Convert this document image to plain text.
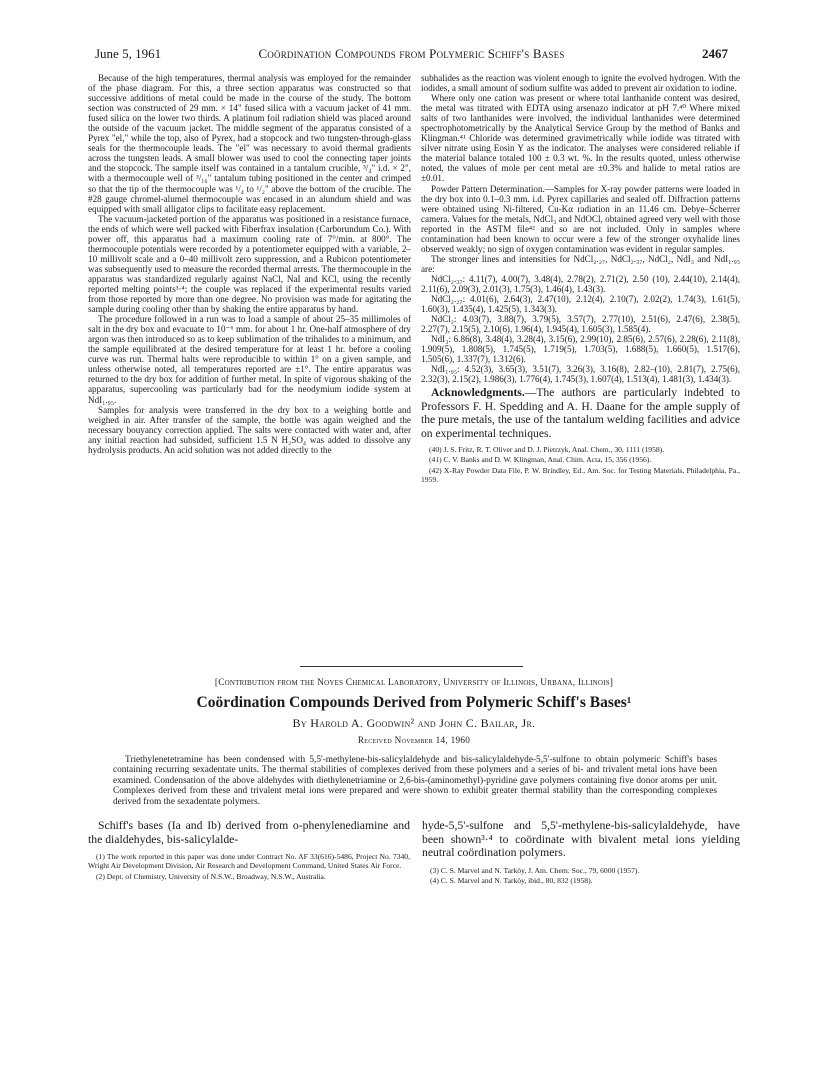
June 5, 1961	Coördination Compounds from Polymeric Schiff's Bases	2467

Because of the high temperatures, thermal analysis was employed for the remainder of the phase diagram. For this, a three section apparatus was constructed so that successive additions of metal could be made in the course of the study. The bottom section was constructed of 29 mm. × 14" fused silica with a vacuum jacket of 41 mm. fused silica on the lower two thirds. A platinum foil radiation shield was placed around the outside of the vacuum jacket. The middle segment of the apparatus consisted of a Pyrex "el," while the top, also of Pyrex, had a stopcock and two tungsten-through-glass seals for the thermocouple leads. The "el" was necessary to avoid thermal gradients across the tungsten leads. A small blower was used to cool the connecting taper joints and the stopcock. The sample itself was contained in a tantalum crucible, ³/₄" i.d. × 2", with a thermocouple well of ³/₁₆" tantalum tubing positioned in the center and crimped so that the tip of the thermocouple was ¹/₄ to ¹/₂" above the bottom of the crucible. The #28 gauge chromel-alumel thermocouple was encased in an alundum shield and was equipped with small alligator clips to facilitate easy replacement.

The vacuum-jacketed portion of the apparatus was positioned in a resistance furnace, the ends of which were well packed with Fiberfrax insulation (Carborundum Co.). With power off, this apparatus had a maximum cooling rate of 7°/min. at 800°. The thermocouple potentials were recorded by a potentiometer equipped with a variable, 2–10 millivolt scale and a 0–40 millivolt zero suppression, and a Rubicon potentiometer was subsequently used to measure the recorded thermal arrests. The thermocouple in the apparatus was standardized regularly against NaCl, NaI and KCl, using the recently reported melting points³·⁴; the couple was replaced if the experimental results varied from those reported by more than one degree. No provision was made for agitating the sample during cooling other than by shaking the entire apparatus by hand.

The procedure followed in a run was to load a sample of about 25–35 millimoles of salt in the dry box and evacuate to 10⁻⁶ mm. for about 1 hr. One-half atmosphere of dry argon was then introduced so as to keep sublimation of the trihalides to a minimum, and the sample equilibrated at the desired temperature for at least 1 hr. before a cooling curve was run. Thermal halts were reproducible to within 1° on a given sample, and unless otherwise noted, all temperatures reported are ±1°. The entire apparatus was returned to the dry box for addition of further metal. In spite of vigorous shaking of the apparatus, supercooling was particularly bad for the neodymium iodide system at NdI₁.₉₅.

Samples for analysis were transferred in the dry box to a weighing bottle and weighed in air. After transfer of the sample, the bottle was again weighed and the necessary bouyancy correction applied. The salts were contacted with water and, after any initial reaction had subsided, sufficient 1.5 N H₂SO₄ was added to dissolve any hydrolysis products. An acid solution was not added directly to the

subhalides as the reaction was violent enough to ignite the evolved hydrogen. With the iodides, a small amount of sodium sulfite was added to prevent air oxidation to iodine.

Where only one cation was present or where total lanthanide content was desired, the metal was titrated with EDTA using arsenazo indicator at pH 7.⁴⁰ Where mixed salts of two lanthanides were involved, the individual lanthanides were determined spectrophotometrically by the Analytical Service Group by the method of Banks and Klingman.⁴¹ Chloride was determined gravimetrically while iodide was titrated with silver nitrate using Eosin Y as the indicator. The analyses were considered reliable if the material balance totaled 100 ± 0.3 wt. %. In the results quoted, unless otherwise noted, the values of mole per cent metal are ±0.3% and halide to metal ratios are ±0.01.

Powder Pattern Determination.—Samples for X-ray powder patterns were loaded in the dry box into 0.1–0.3 mm. i.d. Pyrex capillaries and sealed off. Diffraction patterns were obtained using Ni-filtered, Cu-Kα radiation in an 11.46 cm. Debye–Scherrer camera. Values for the metals, NdCl₃ and NdOCl, obtained agreed very well with those reported in the ASTM file⁴² and so are not included. Only in samples where contamination had been known to occur were a few of the stronger oxyhalide lines observed weakly; no sign of oxygen contamination was evident in regular samples.

The stronger lines and intensities for NdCl₂.₂₇, NdCl₂.₃₇, NdCl₂, NdI₃ and NdI₁.₉₅ are:

NdCl₂.₃₇: 4.11(7), 4.00(7), 3.48(4), 2.78(2), 2.71(2), 2.50 (10), 2.44(10), 2.14(4), 2.11(6), 2.09(3), 2.01(3), 1.75(3), 1.46(4), 1.43(3).

NdCl₂.₂₇: 4.01(6), 2.64(3), 2.47(10), 2.12(4), 2.10(7), 2.02(2), 1.74(3), 1.61(5), 1.60(3), 1.435(4), 1.425(5), 1.343(3).

NdCl₂: 4.03(7), 3.88(7), 3.79(5), 3.57(7), 2.77(10), 2.51(6), 2.47(6), 2.38(5), 2.27(7), 2.15(5), 2.10(6), 1.96(4), 1.945(4), 1.605(3), 1.585(4).

NdI₃: 6.86(8), 3.48(4), 3.28(4), 3.15(6), 2.99(10), 2.85(6), 2.57(6), 2.28(6), 2.11(8), 1.909(5), 1.808(5), 1.745(5), 1.719(5), 1.703(5), 1.688(5), 1.660(5), 1.517(6), 1.505(6), 1.337(7), 1.312(6).

NdI₁.₉₅: 4.52(3), 3.65(3), 3.51(7), 3.26(3), 3.16(8), 2.82–(10), 2.81(7), 2.75(6), 2.32(3), 2.15(2), 1.986(3), 1.776(4), 1.745(3), 1.607(4), 1.513(4), 1.481(3), 1.434(3).

Acknowledgments.—The authors are particularly indebted to Professors F. H. Spedding and A. H. Daane for the ample supply of the pure metals, the use of the tantalum welding facilities and advice on experimental techniques.

(40) J. S. Fritz, R. T. Oliver and D. J. Pietrzyk, Anal. Chem., 30, 1111 (1958).

(41) C. V. Banks and D. W. Klingman, Anal. Chim. Acta, 15, 356 (1956).

(42) X-Ray Powder Data File, P. W. Brindley, Ed., Am. Soc. for Testing Materials, Philadelphia, Pa., 1959.

[Contribution from the Noyes Chemical Laboratory, University of Illinois, Urbana, Illinois]
Coördination Compounds Derived from Polymeric Schiff's Bases¹
By Harold A. Goodwin² and John C. Bailar, Jr.
Received November 14, 1960
Triethylenetetramine has been condensed with 5,5'-methylene-bis-salicylaldehyde and bis-salicylaldehyde-5,5'-sulfone to obtain polymeric Schiff's bases containing recurring sexadentate units. The thermal stabilities of complexes derived from these polymers and a series of bi- and trivalent metal ions have been examined. Condensation of the above aldehydes with diethylenetriamine or 2,6-bis-(aminomethyl)-pyridine gave polymers containing five donor atoms per unit. Complexes derived from these and trivalent metal ions were prepared and were shown to exhibit greater thermal stability than the corresponding complexes derived from the sexadentate polymers.

Schiff's bases (Ia and Ib) derived from o-phenylenediamine and the dialdehydes, bis-salicylalde-

(1) The work reported in this paper was done under Contract No. AF 33(616)-5486, Project No. 7340, Wright Air Development Division, Air Research and Development Command, United States Air Force.

(2) Dept. of Chemistry, University of N.S.W., Broadway, N.S.W., Australia.

hyde-5,5'-sulfone and 5,5'-methylene-bis-salicylaldehyde, have been shown³·⁴ to coördinate with bivalent metal ions yielding neutral coördination polymers.

(3) C. S. Marvel and N. Tarköy, J. Am. Chem. Soc., 79, 6000 (1957).

(4) C. S. Marvel and N. Tarköy, ibid., 80, 832 (1958).
